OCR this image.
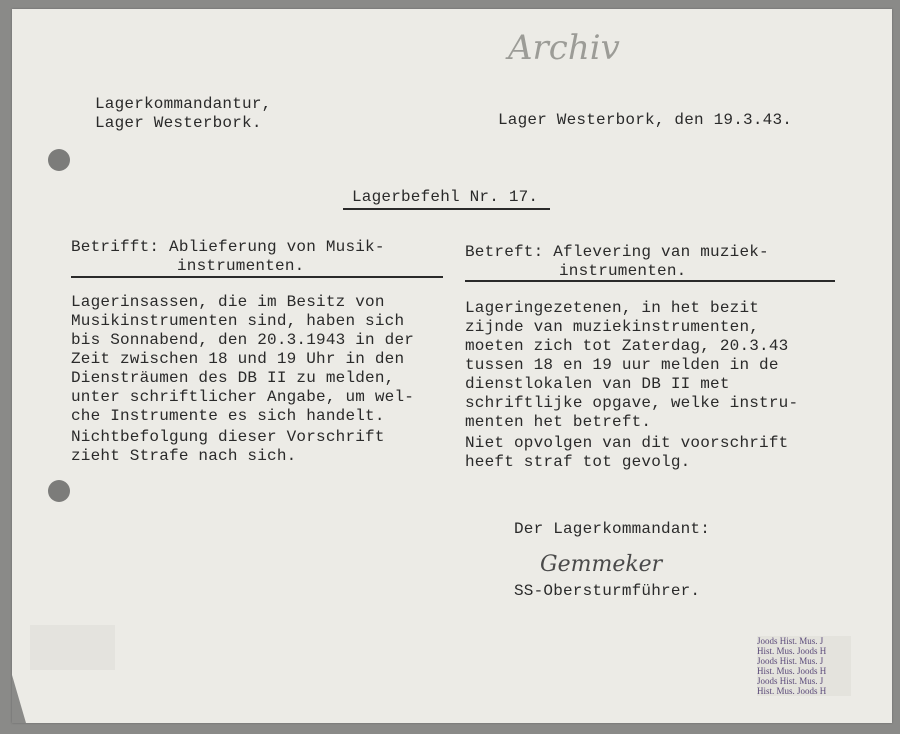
Archiv
Lagerkommandantur,
Lager Westerbork.	Lager Westerbork, den 19.3.43.
Lagerbefehl Nr. 17.
Betrifft: Ablieferung von Musik-
instrumenten.
Lagerinsassen, die im Besitz von
Musikinstrumenten sind, haben sich
bis Sonnabend, den 20.3.1943 in der
Zeit zwischen 18 und 19 Uhr in den
Diensträumen des DB II zu melden,
unter schriftlicher Angabe, um wel-
che Instrumente es sich handelt.
Nichtbefolgung dieser Vorschrift
zieht Strafe nach sich.
Betreft: Aflevering van muziek-
instrumenten.
Lageringezetenen, in het bezit
zijnde van muziekinstrumenten,
moeten zich tot Zaterdag, 20.3.43
tussen 18 en 19 uur melden in de
dienstlokalen van DB II met
schriftlijke opgave, welke instru-
menten het betreft.
Niet opvolgen van dit voorschrift
heeft straf tot gevolg.
Der Lagerkommandant:
Gemmeker
SS-Obersturmführer.
Joods Hist. Mus. J
Hist. Mus. Joods H
Joods Hist. Mus. J
Hist. Mus. Joods H
Joods Hist. Mus. J
Hist. Mus. Joods H
